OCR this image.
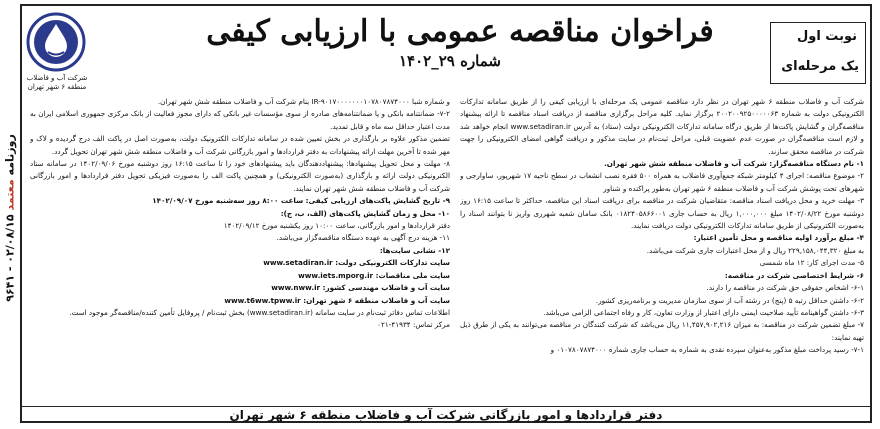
روزنامه معتمد ۰۲/۰۸/۱۵ - ۹۶۴۱
شرکت آب و فاضلاب منطقه ۶ شهر تهران
فراخوان مناقصه عمومی با ارزیابی کیفی
شماره ۲۹_۱۴۰۲
نوبت اول
یک مرحله‌ای

شرکت آب و فاضلاب منطقه ۶ شهر تهران در نظر دارد مناقصه عمومی یک مرحله‌ای با ارزیابی کیفی را از طریق سامانه تدارکات الکترونیکی دولت به شماره ۲۰۰۲۰۰۹۲۵۰۰۰۰۰۶۳ برگزار نماید. کلیه مراحل برگزاری مناقصه از دریافت اسناد مناقصه تا ارائه پیشنهاد مناقصه‌گران و گشایش پاکت‌ها از طریق درگاه سامانه تدارکات الکترونیکی دولت (ستاد) به آدرس www.setadiran.ir انجام خواهد شد و لازم است مناقصه‌گران در صورت عدم عضویت قبلی، مراحل ثبت‌نام در سایت مذکور و دریافت گواهی امضای الکترونیکی را جهت شرکت در مناقصه محقق سازند.

۱- نام دستگاه مناقصه‌گزار: شرکت آب و فاضلاب منطقه شش شهر تهران.

۲- موضوع مناقصه: اجرای ۴ کیلومتر شبکه جمع‌آوری فاضلاب به همراه ۵۰۰ فقره نصب انشعاب در سطح ناحیه ۱۷ شهرپور، ساوارجی و شهرهای تحت پوشش شرکت آب و فاضلاب منطقه ۶ شهر تهران به‌طور پراکنده و شناور

۳- مهلت خرید و محل دریافت اسناد مناقصه: متقاضیان شرکت در مناقصه برای دریافت اسناد این مناقصه، حداکثر تا ساعت ۱۶:۱۵ روز دوشنبه مورخ ۱۴۰۲/۰۸/۲۲ مبلغ ۱,۰۰۰,۰۰۰ ریال به حساب جاری ۰۱۸۲۴۰۵۸۶۶۰۰۱ بانک سامان شعبه شهرری واریز نا بتوانند اسناد را به‌صورت الکترونیکی از طریق سامانه تدارکات الکترونیکی دولت دریافت نمایند.

۴- مبلغ برآورد اولیه مناقصه و محل تأمین اعتبار:

به مبلغ ۲۲۹,۱۵۸,۰۴۴,۳۲۰ ریال و از محل اعتبارات جاری شرکت می‌باشد.

۵- مدت اجرای کار: ۱۲ ماه شمسی

۶- شرایط اختصاصی شرکت در مناقصه:

۶-۱- اشخاص حقوقی حق شرکت در مناقصه را دارند.

۶-۲- داشتن حداقل رتبه ۵ (پنج) در رشته آب از سوی سازمان مدیریت و برنامه‌ریزی کشور.

۶-۳- داشتن گواهینامه تأیید صلاحیت ایمنی دارای اعتبار از وزارت تعاون، کار و رفاه اجتماعی الزامی می‌باشد.

۷- مبلغ تضمین شرکت در مناقصه: به میزان ۱۱,۴۵۷,۹۰۲,۲۱۶ ریال می‌باشد که شرکت کنندگان در مناقصه می‌توانند به یکی از طرق ذیل تهیه نمایند:

۷-۱- رسید پرداخت مبلغ مذکور به‌عنوان سپرده نقدی به شماره به حساب جاری شماره ۰۱۰۷۸۰۷۸۷۴۰۰۰ و

و شماره شبا IR-۹۰۱۷۰۰۰۰۰۰۰۱۰۷۸۰۷۸۷۴۰۰۰ بنام شرکت آب و فاضلاب منطقه شش شهر تهران.

۷-۲- ضمانتنامه بانکی و یا ضمانتنامه‌های صادره از سوی مؤسسات غیر بانکی که دارای مجوز فعالیت از بانک مرکزی جمهوری اسلامی ایران به مدت اعتبار حداقل سه ماه و قابل تمدید.

تضمین مذکور علاوه بر بارگذاری در بخش تعیین شده در سامانه تدارکات الکترونیک دولت، به‌صورت اصل در پاکت الف درج گردیده و لاک و مهر شده تا آخرین مهلت ارائه پیشنهادات به دفتر قراردادها و امور بازرگانی شرکت آب و فاضلاب منطقه شش شهر تهران تحویل گردد.

۸- مهلت و محل تحویل پیشنهادها: پیشنهاددهندگان باید پیشنهادهای خود را تا ساعت ۱۶:۱۵ روز دوشنبه مورخ ۱۴۰۲/۰۹/۰۶ در سامانه ستاد الکترونیکی دولت ارائه و بارگذاری (به‌صورت الکترونیکی) و همچنین پاکت الف را به‌صورت فیزیکی تحویل دفتر قراردادها و امور بازرگانی شرکت آب و فاضلاب منطقه شش شهر تهران نمایند.

۹- تاریخ گشایش پاکت‌های ارزیابی کیفی: ساعت ۸:۰۰ روز سه‌شنبه مورخ ۱۴۰۲/۰۹/۰۷

۱۰- محل و زمان گشایش پاکت‌های (الف، ب، ج):

دفتر قراردادها و امور بازرگانی، ساعت ۱۰:۰۰ روز یکشنبه مورخ ۱۴۰۲/۰۹/۱۲

۱۱- هزینه درج آگهی به عهده دستگاه مناقصه‌گزار می‌باشد.

۱۲- نشانی سایت‌ها:

سایت تدارکات الکترونیکی دولت: www.setadiran.ir

سایت ملی مناقصات: www.iets.mporg.ir

سایت آب و فاضلاب مهندسی کشور: www.nww.ir

سایت آب و فاضلاب منطقه ۶ شهر تهران: www.t6ww.tpww.ir

اطلاعات تماس دفاتر ثبت‌نام در سایت سامانه (www.setadiran.ir) بخش ثبت‌نام / پروفایل تأمین کننده/مناقصه‌گر موجود است.

مرکز تماس: ۴۱۹۳۴-۰۲۱

دفتر قراردادها و امور بازرگانی شرکت آب و فاضلاب منطقه ۶ شهر تهران
